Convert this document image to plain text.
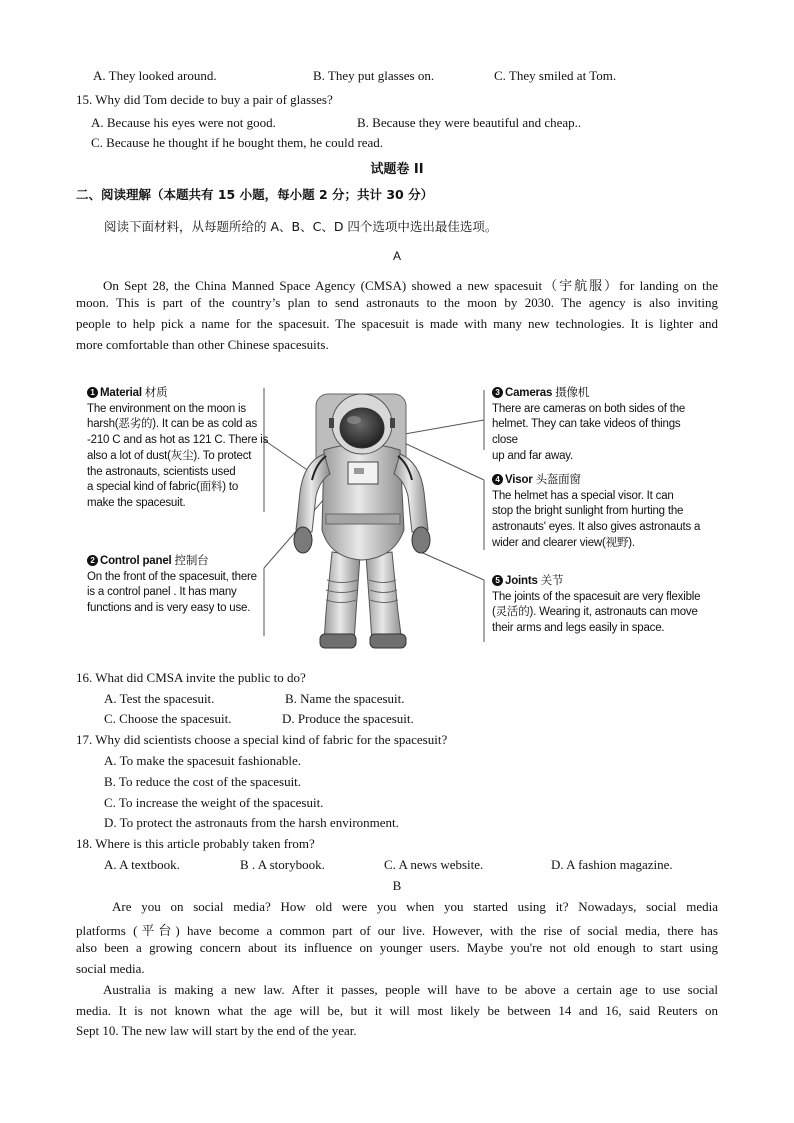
A. They looked around.	B. They put glasses on.	C. They smiled at Tom.
15. Why did Tom decide to buy a pair of glasses?
A. Because his eyes were not good.	B. Because they were beautiful and cheap..
C. Because he thought if he bought them, he could read.
试题卷 II
二、阅读理解（本题共有 15 小题，每小题 2 分；共计 30 分）
阅读下面材料，从每题所给的 A、B、C、D 四个选项中选出最佳选项。
A
On Sept 28, the China Manned Space Agency (CMSA) showed a new spacesuit（宇航服）for landing on the
moon. This is part of the country’s plan to send astronauts to the moon by 2030. The agency is also inviting
people to help pick a name for the spacesuit. The spacesuit is made with many new technologies. It is lighter and
more comfortable than other Chinese spacesuits.
1 Material 材质
The environment on the moon is
harsh(恶劣的). It can be as cold as
-210 C and as hot as 121 C. There is
also a lot of dust(灰尘). To protect
the astronauts, scientists used
a special kind of fabric(面料) to
make the spacesuit.
2 Control panel 控制台
On the front of the spacesuit, there
is a control panel . It has many
functions and is very easy to use.
3 Cameras 摄像机
There are cameras on both sides of the
helmet. They can take videos of things close
up and far away.
4 Visor 头盔面窗
The helmet has a special visor. It can
stop the bright sunlight from hurting the
astronauts' eyes. It also gives astronauts a
wider and clearer view(视野).
5 Joints 关节
The joints of the spacesuit are very flexible
(灵活的). Wearing it, astronauts can move
their arms and legs easily in space.
16. What did CMSA invite the public to do?
A. Test the spacesuit.	B. Name the spacesuit.
C. Choose the spacesuit.	D. Produce the spacesuit.
17. Why did scientists choose a special kind of fabric for the spacesuit?
A. To make the spacesuit fashionable.
B. To reduce the cost of the spacesuit.
C. To increase the weight of the spacesuit.
D. To protect the astronauts from the harsh environment.
18. Where is this article probably taken from?
A. A textbook.	B . A storybook.	C. A news website.	D. A fashion magazine.
B
Are you on social media? How old were you when you started using it? Nowadays, social media
platforms (平台) have become a common part of our live. However, with the rise of social media, there has
also been a growing concern about its influence on younger users. Maybe you're not old enough to start using
social media.
Australia is making a new law. After it passes, people will have to be above a certain age to use social
media. It is not known what the age will be, but it will most likely be between 14 and 16, said Reuters on
Sept 10. The new law will start by the end of the year.
